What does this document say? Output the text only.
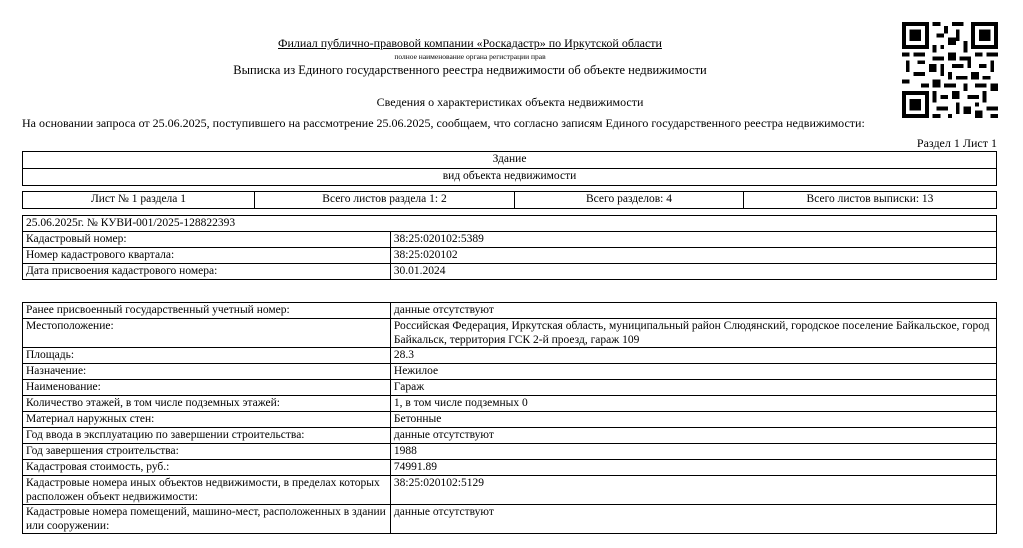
Филиал публично-правовой компании «Роскадастр» по Иркутской области
полное наименование органа регистрации прав
Выписка из Единого государственного реестра недвижимости об объекте недвижимости
Сведения о характеристиках объекта недвижимости
На основании запроса от 25.06.2025, поступившего на рассмотрение 25.06.2025, сообщаем, что согласно записям Единого государственного реестра недвижимости:
Раздел 1 Лист 1
Здание
вид объекта недвижимости
Лист № 1 раздела 1	Всего листов раздела 1: 2	Всего разделов: 4	Всего листов выписки: 13
25.06.2025г. № КУВИ-001/2025-128822393	
Кадастровый номер:	38:25:020102:5389
Номер кадастрового квартала:	38:25:020102
Дата присвоения кадастрового номера:	30.01.2024
Ранее присвоенный государственный учетный номер:	данные отсутствуют
Местоположение:	Российская Федерация, Иркутская область, муниципальный район Слюдянский, городское поселение Байкальское, город Байкальск, территория ГСК 2-й проезд, гараж 109
Площадь:	28.3
Назначение:	Нежилое
Наименование:	Гараж
Количество этажей, в том числе подземных этажей:	1, в том числе подземных 0
Материал наружных стен:	Бетонные
Год ввода в эксплуатацию по завершении строительства:	данные отсутствуют
Год завершения строительства:	1988
Кадастровая стоимость, руб.:	74991.89
Кадастровые номера иных объектов недвижимости, в пределах которых расположен объект недвижимости:	38:25:020102:5129
Кадастровые номера помещений, машино-мест, расположенных в здании или сооружении:	данные отсутствуют
